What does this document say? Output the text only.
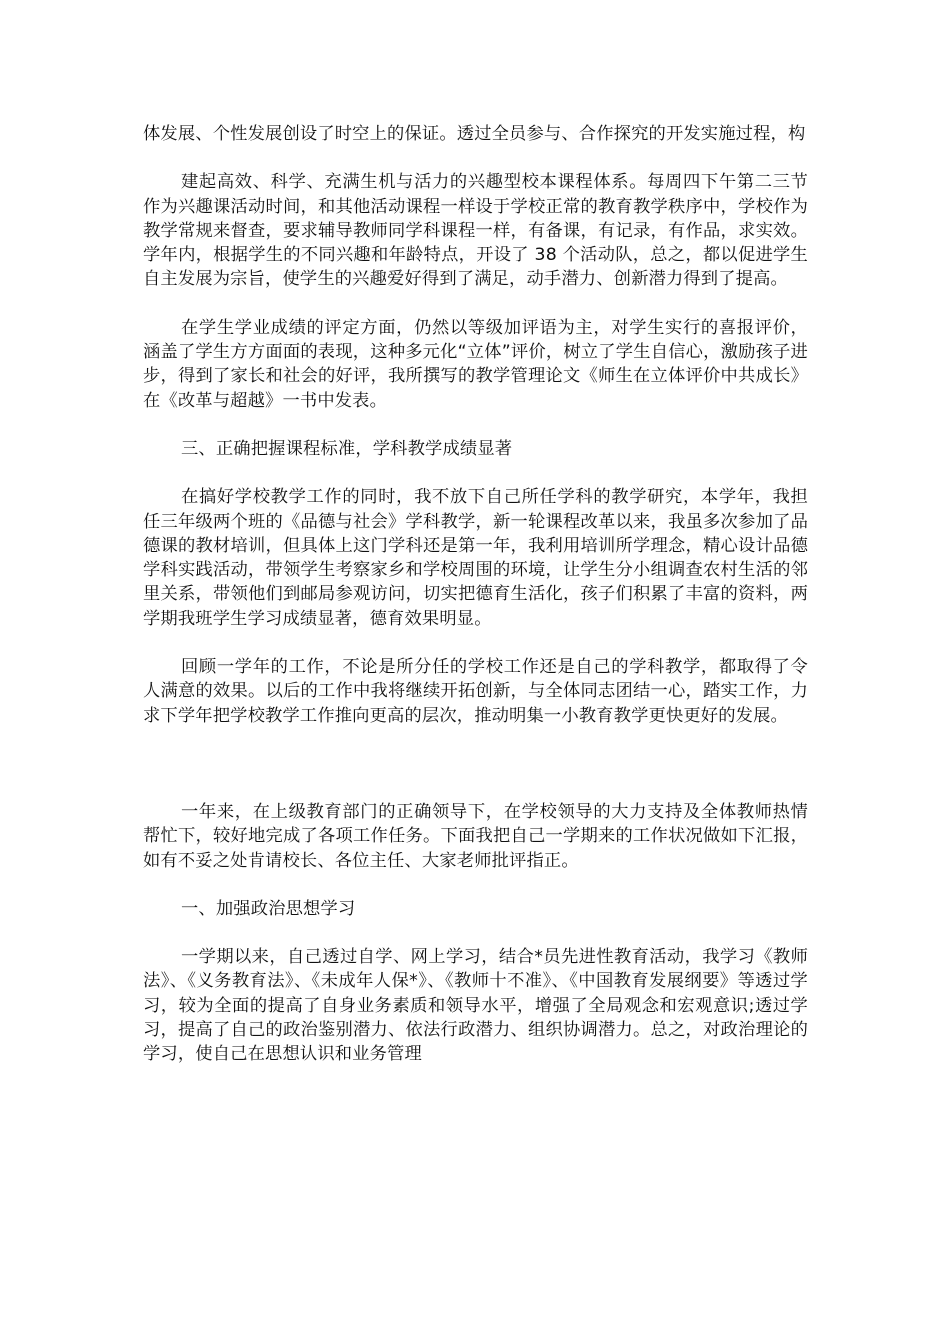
体发展、个性发展创设了时空上的保证。透过全员参与、合作探究的开发实施过程，构

建起高效、科学、充满生机与活力的兴趣型校本课程体系。每周四下午第二三节作为兴趣课活动时间，和其他活动课程一样设于学校正常的教育教学秩序中，学校作为教学常规来督查，要求辅导教师同学科课程一样，有备课，有记录，有作品，求实效。学年内，根据学生的不同兴趣和年龄特点，开设了 38 个活动队，总之，都以促进学生自主发展为宗旨，使学生的兴趣爱好得到了满足，动手潜力、创新潜力得到了提高。

在学生学业成绩的评定方面，仍然以等级加评语为主，对学生实行的喜报评价，涵盖了学生方方面面的表现，这种多元化“立体”评价，树立了学生自信心，激励孩子进步，得到了家长和社会的好评，我所撰写的教学管理论文《师生在立体评价中共成长》在《改革与超越》一书中发表。

三、正确把握课程标准，学科教学成绩显著

在搞好学校教学工作的同时，我不放下自己所任学科的教学研究，本学年，我担任三年级两个班的《品德与社会》学科教学，新一轮课程改革以来，我虽多次参加了品德课的教材培训，但具体上这门学科还是第一年，我利用培训所学理念，精心设计品德学科实践活动，带领学生考察家乡和学校周围的环境，让学生分小组调查农村生活的邻里关系，带领他们到邮局参观访问，切实把德育生活化，孩子们积累了丰富的资料，两学期我班学生学习成绩显著，德育效果明显。

回顾一学年的工作，不论是所分任的学校工作还是自己的学科教学，都取得了令人满意的效果。以后的工作中我将继续开拓创新，与全体同志团结一心，踏实工作，力求下学年把学校教学工作推向更高的层次，推动明集一小教育教学更快更好的发展。

一年来，在上级教育部门的正确领导下，在学校领导的大力支持及全体教师热情帮忙下，较好地完成了各项工作任务。下面我把自己一学期来的工作状况做如下汇报，如有不妥之处肯请校长、各位主任、大家老师批评指正。

一、加强政治思想学习

一学期以来，自己透过自学、网上学习，结合*员先进性教育活动，我学习《教师法》、《义务教育法》、《未成年人保*》、《教师十不准》、《中国教育发展纲要》等透过学习，较为全面的提高了自身业务素质和领导水平，增强了全局观念和宏观意识;透过学习，提高了自己的政治鉴别潜力、依法行政潜力、组织协调潜力。总之，对政治理论的学习，使自己在思想认识和业务管理
